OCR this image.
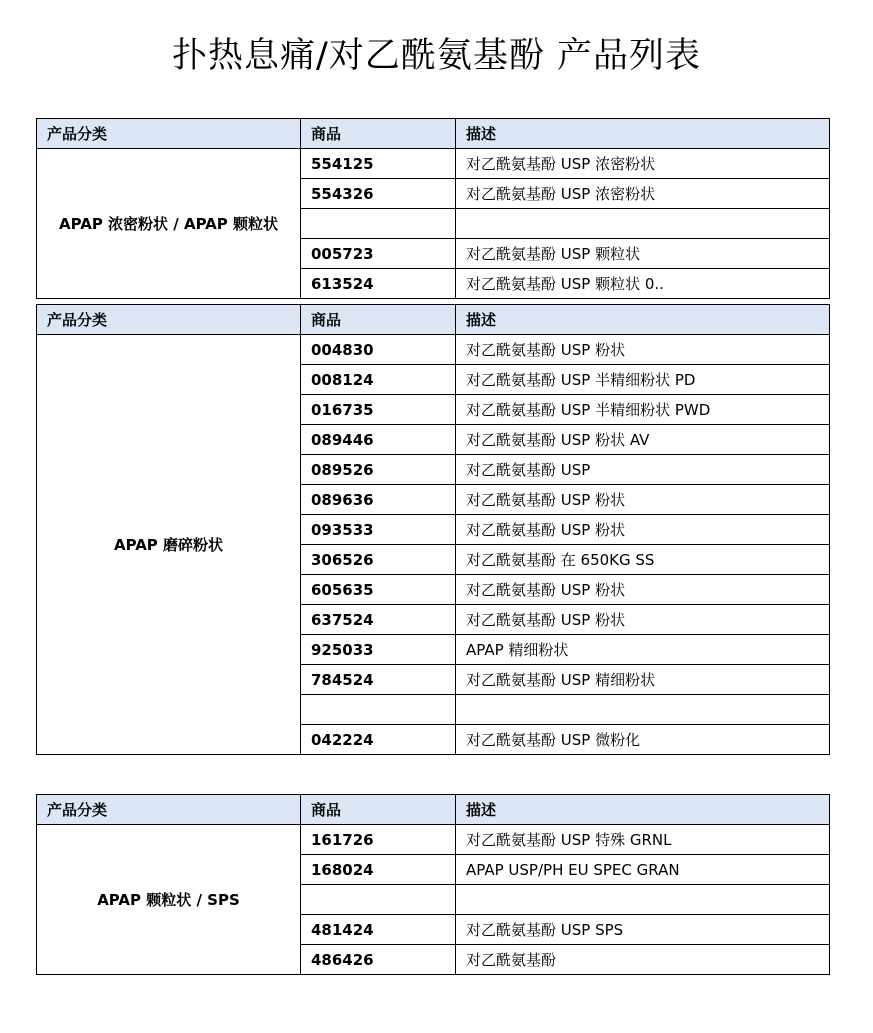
扑热息痛/对乙酰氨基酚 产品列表
产品分类	商品	描述
APAP 浓密粉状 / APAP 颗粒状	554125	对乙酰氨基酚 USP 浓密粉状
	554326	对乙酰氨基酚 USP 浓密粉状

	005723	对乙酰氨基酚 USP 颗粒状
	613524	对乙酰氨基酚 USP 颗粒状 0..
产品分类	商品	描述
APAP 磨碎粉状	004830	对乙酰氨基酚 USP 粉状
	008124	对乙酰氨基酚 USP 半精细粉状 PD
	016735	对乙酰氨基酚 USP 半精细粉状 PWD
	089446	对乙酰氨基酚 USP 粉状 AV
	089526	对乙酰氨基酚 USP
	089636	对乙酰氨基酚 USP 粉状
	093533	对乙酰氨基酚 USP 粉状
	306526	对乙酰氨基酚 在 650KG SS
	605635	对乙酰氨基酚 USP 粉状
	637524	对乙酰氨基酚 USP 粉状
	925033	APAP 精细粉状
	784524	对乙酰氨基酚 USP 精细粉状

	042224	对乙酰氨基酚 USP 微粉化
产品分类	商品	描述
APAP 颗粒状 / SPS	161726	对乙酰氨基酚 USP 特殊 GRNL
	168024	APAP USP/PH EU SPEC GRAN

	481424	对乙酰氨基酚 USP SPS
	486426	对乙酰氨基酚
